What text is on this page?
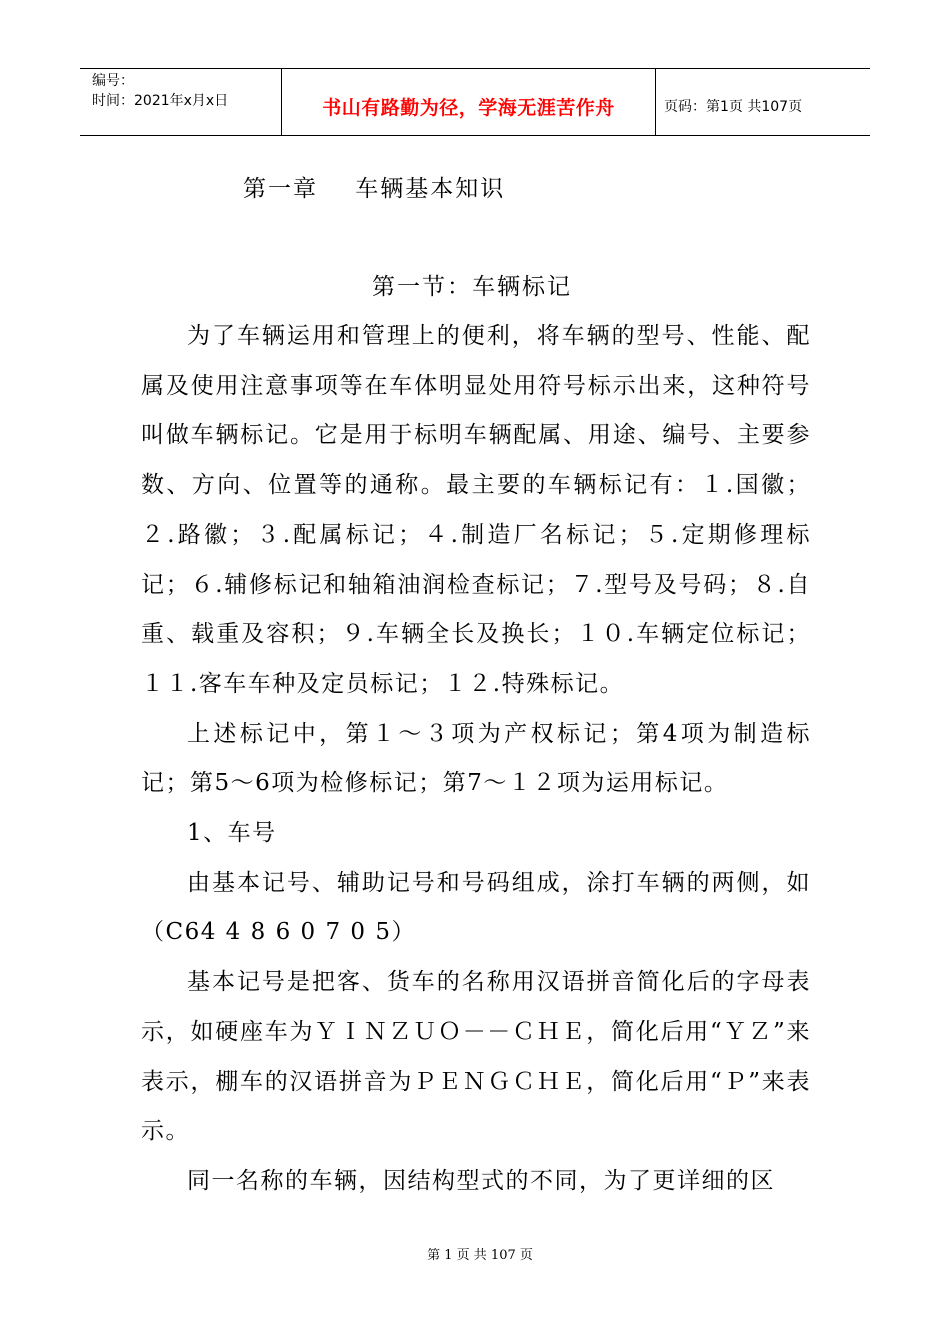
编号：
时间：2021年x月x日	书山有路勤为径，学海无涯苦作舟	页码：第1页 共107页
第一章    车辆基本知识
第一节：车辆标记

为了车辆运用和管理上的便利，将车辆的型号、性能、配属及使用注意事项等在车体明显处用符号标示出来，这种符号叫做车辆标记。它是用于标明车辆配属、用途、编号、主要参数、方向、位置等的通称。最主要的车辆标记有：１.国徽；２.路徽；３.配属标记；４.制造厂名标记；５.定期修理标记；６.辅修标记和轴箱油润检查标记；７.型号及号码；８.自重、载重及容积；９.车辆全长及换长；１０.车辆定位标记；１１.客车车种及定员标记；１２.特殊标记。

上述标记中，第１～３项为产权标记；第4项为制造标记；第5～6项为检修标记；第7～１２项为运用标记。

1、车号

由基本记号、辅助记号和号码组成，涂打车辆的两侧，如（C64 4 8 6 0 7 0 5）

基本记号是把客、货车的名称用汉语拼音简化后的字母表示，如硬座车为ＹＩＮＺＵＯ－－ＣＨＥ，简化后用“ＹＺ”来表示，棚车的汉语拼音为ＰＥＮＧＣＨＥ，简化后用“Ｐ”来表示。

同一名称的车辆，因结构型式的不同，为了更详细的区

第 1 页 共 107 页
